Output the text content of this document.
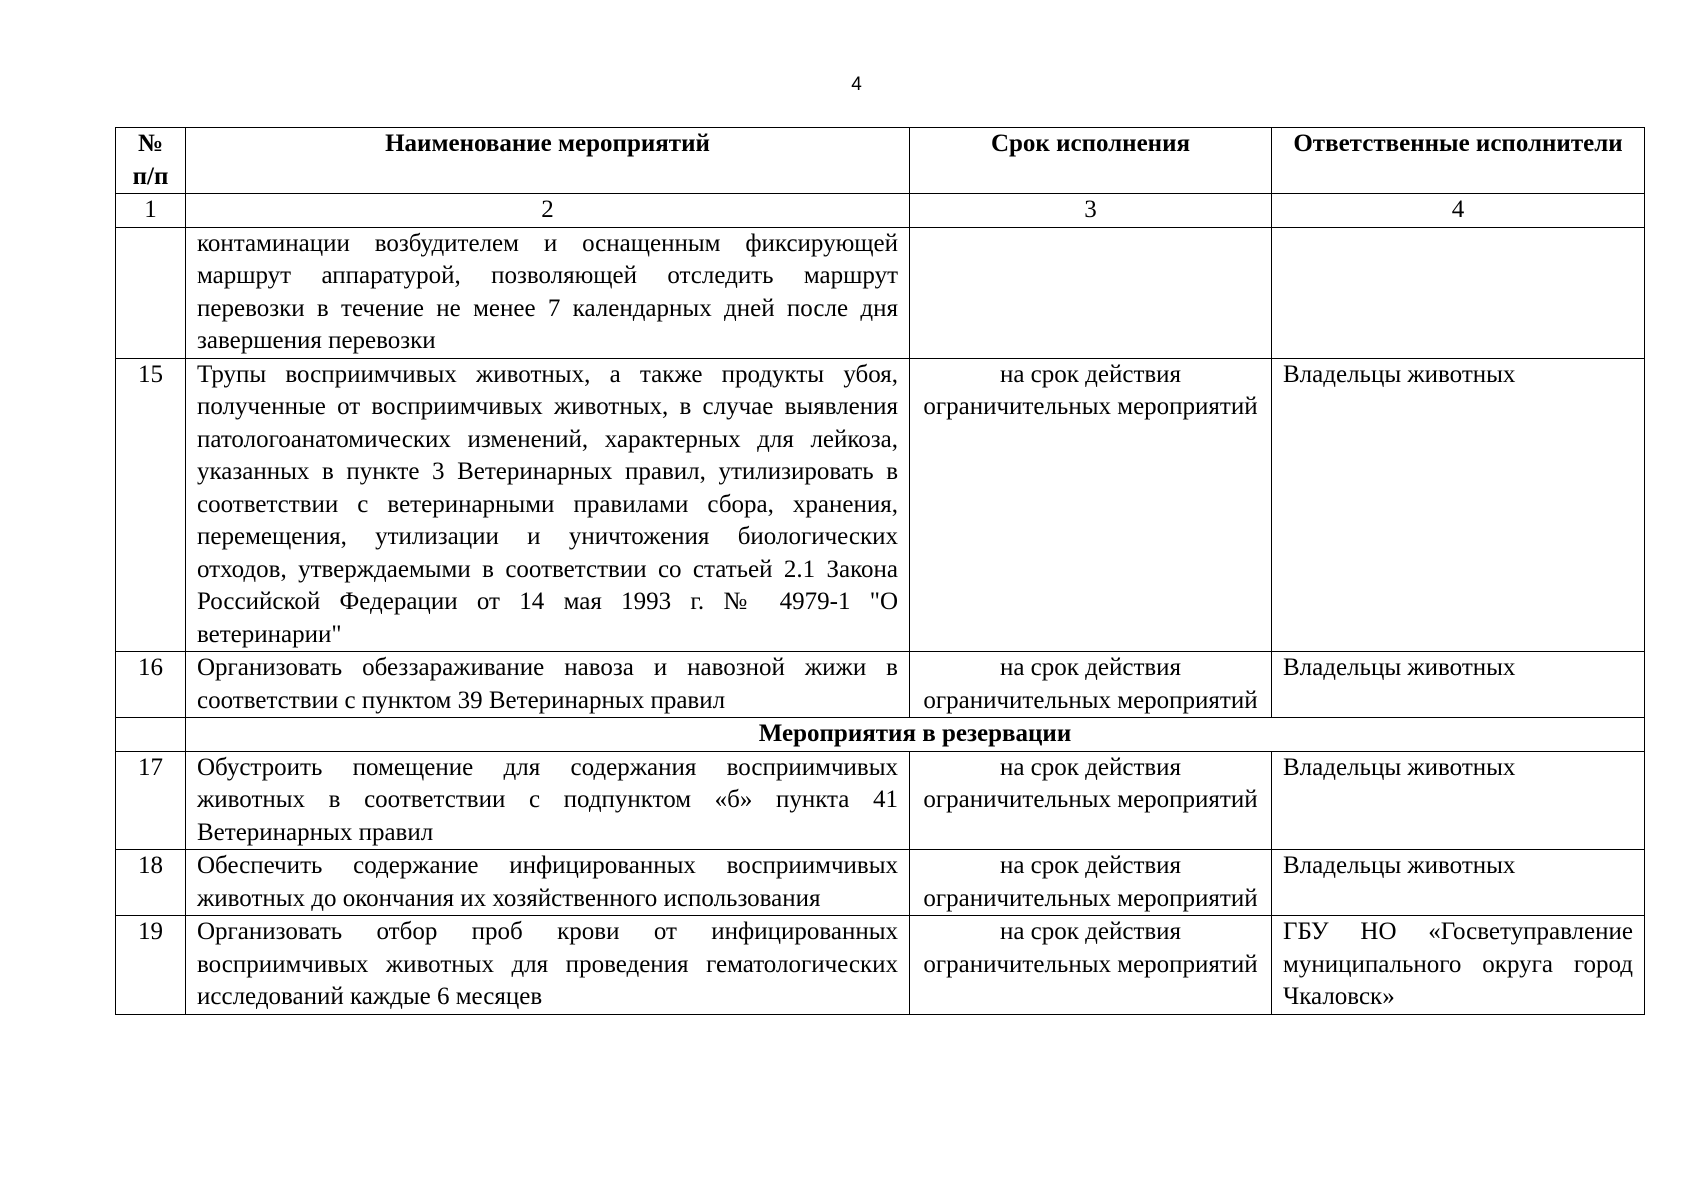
4
№ п/п	Наименование мероприятий	Срок исполнения	Ответственные исполнители
1	2	3	4
	контаминации возбудителем и оснащенным фиксирующей маршрут аппаратурой, позволяющей отследить маршрут перевозки в течение не менее 7 календарных дней после дня завершения перевозки		
15	Трупы восприимчивых животных, а также продукты убоя, полученные от восприимчивых животных, в случае выявления патологоанатомических изменений, характерных для лейкоза, указанных в пункте 3 Ветеринарных правил, утилизировать в соответствии с ветеринарными правилами сбора, хранения, перемещения, утилизации и уничтожения биологических отходов, утверждаемыми в соответствии со статьей 2.1 Закона Российской Федерации от 14 мая 1993 г. № 4979-1 "О ветеринарии"	на срок действия ограничительных мероприятий	Владельцы животных
16	Организовать обеззараживание навоза и навозной жижи в соответствии с пунктом 39 Ветеринарных правил	на срок действия ограничительных мероприятий	Владельцы животных
	Мероприятия в резервации		
17	Обустроить помещение для содержания восприимчивых животных в соответствии с подпунктом «б» пункта 41 Ветеринарных правил	на срок действия ограничительных мероприятий	Владельцы животных
18	Обеспечить содержание инфицированных восприимчивых животных до окончания их хозяйственного использования	на срок действия ограничительных мероприятий	Владельцы животных
19	Организовать отбор проб крови от инфицированных восприимчивых животных для проведения гематологических исследований каждые 6 месяцев	на срок действия ограничительных мероприятий	ГБУ НО «Госветуправление муниципального округа город Чкаловск»
